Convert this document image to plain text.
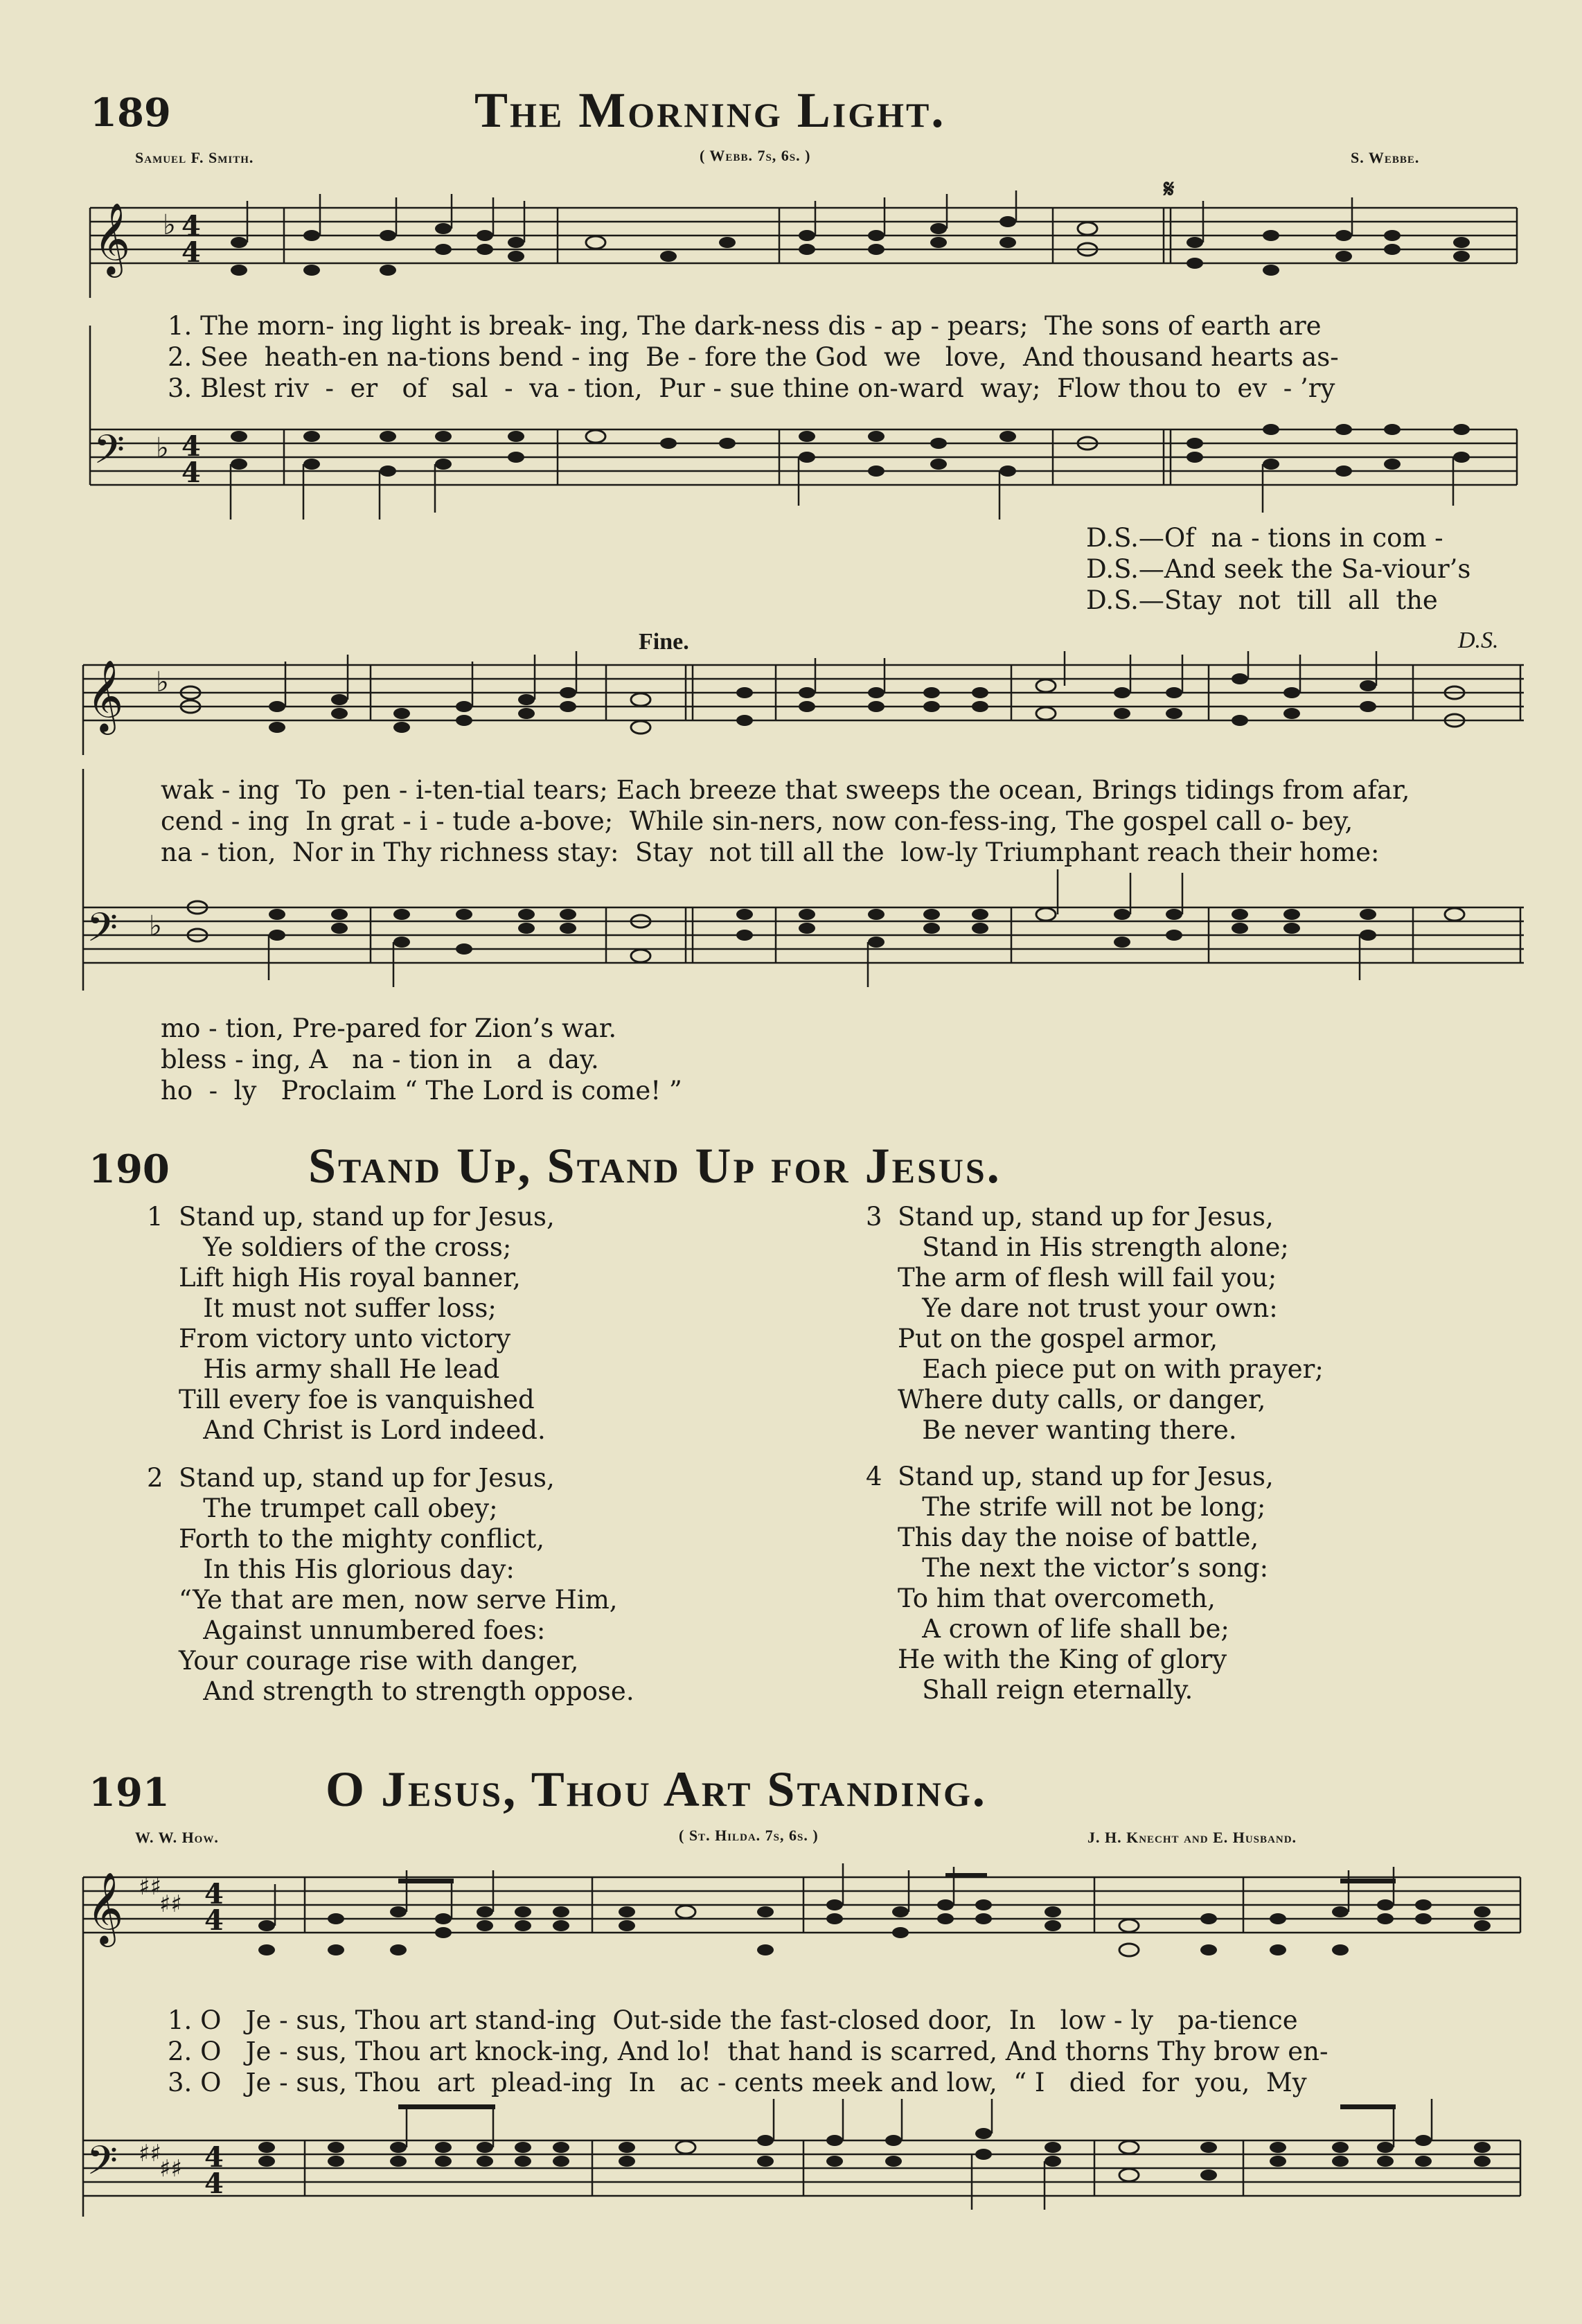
189	The Morning Light.
Samuel F. Smith.	( Webb. 7s, 6s. )	S. Webbe.
𝄞 ♭ 4
4
𝄋
𝄢 ♭ 4
4
1. The morn- ing light is break- ing, The dark-ness dis - ap - pears;  The sons of earth are
2. See  heath-en na-tions bend - ing  Be - fore the God  we   love,  And thousand hearts as-
3. Blest riv  -  er   of   sal  -  va - tion,  Pur - sue thine on-ward  way;  Flow thou to  ev  - ’ry
D.S.—Of  na - tions in com -
D.S.—And seek the Sa-viour’s
D.S.—Stay  not  till  all  the
Fine.	D.S.
𝄞 ♭
wak - ing  To  pen - i-ten-tial tears; Each breeze that sweeps the ocean, Brings tidings from afar,
cend - ing  In grat - i - tude a-bove;  While sin-ners, now con-fess-ing, The gospel call o- bey,
na - tion,  Nor in Thy richness stay:  Stay  not till all the  low-ly Triumphant reach their home:
𝄢 ♭
mo - tion, Pre-pared for Zion’s war.
bless - ing, A   na - tion in   a  day.
ho  -  ly   Proclaim “ The Lord is come! ”
190	Stand Up, Stand Up for Jesus.
1 Stand up, stand up for Jesus,
Ye soldiers of the cross;
Lift high His royal banner,
It must not suffer loss;
From victory unto victory
His army shall He lead
Till every foe is vanquished
And Christ is Lord indeed.
2 Stand up, stand up for Jesus,
The trumpet call obey;
Forth to the mighty conflict,
In this His glorious day:
“Ye that are men, now serve Him,
Against unnumbered foes:
Your courage rise with danger,
And strength to strength oppose.
3 Stand up, stand up for Jesus,
Stand in His strength alone;
The arm of flesh will fail you;
Ye dare not trust your own:
Put on the gospel armor,
Each piece put on with prayer;
Where duty calls, or danger,
Be never wanting there.
4 Stand up, stand up for Jesus,
The strife will not be long;
This day the noise of battle,
The next the victor’s song:
To him that overcometh,
A crown of life shall be;
He with the King of glory
Shall reign eternally.
191	O Jesus, Thou Art Standing.
W. W. How.	( St. Hilda. 7s, 6s. )	J. H. Knecht and E. Husband.
𝄞 ♯♯
♯♯ 4
4
1. O   Je - sus, Thou art stand-ing  Out-side the fast-closed door,  In   low - ly   pa-tience
2. O   Je - sus, Thou art knock-ing, And lo!  that hand is scarred, And thorns Thy brow en-
3. O   Je - sus, Thou  art  plead-ing  In   ac - cents meek and low,  “ I   died  for  you,  My
𝄢 ♯♯
♯♯ 4
4
